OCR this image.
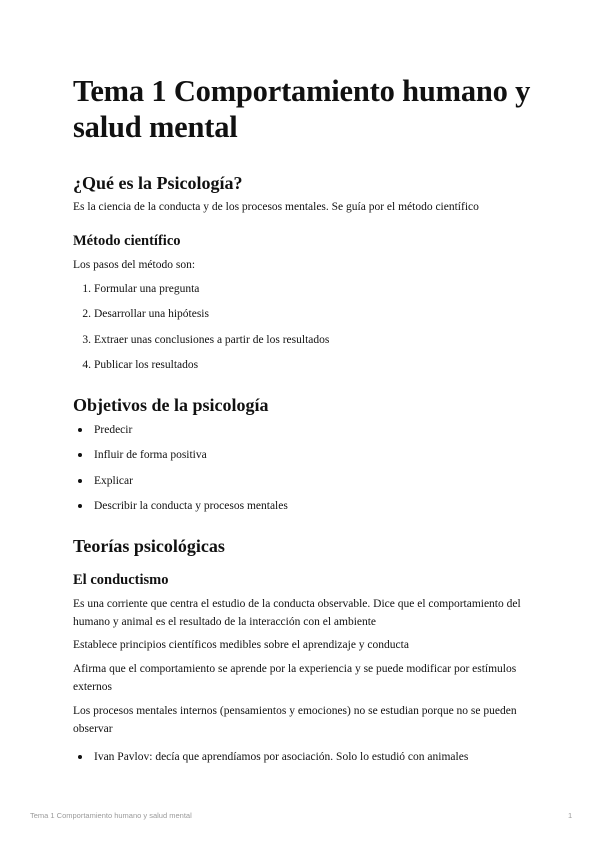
Tema 1 Comportamiento humano y salud mental
¿Qué es la Psicología?

Es la ciencia de la conducta y de los procesos mentales. Se guía por el método científico

Método científico

Los pasos del método son:

1. Formular una pregunta
2. Desarrollar una hipótesis
3. Extraer unas conclusiones a partir de los resultados
4. Publicar los resultados
Objetivos de la psicología
Predecir
Influir de forma positiva
Explicar
Describir la conducta y procesos mentales
Teorías psicológicas
El conductismo

Es una corriente que centra el estudio de la conducta observable. Dice que el comportamiento del humano y animal es el resultado de la interacción con el ambiente

Establece principios científicos medibles sobre el aprendizaje y conducta

Afirma que el comportamiento se aprende por la experiencia y se puede modificar por estímulos externos

Los procesos mentales internos (pensamientos y emociones) no se estudian porque no se pueden observar

Ivan Pavlov: decía que aprendíamos por asociación. Solo lo estudió con animales
Tema 1 Comportamiento humano y salud mental	1
